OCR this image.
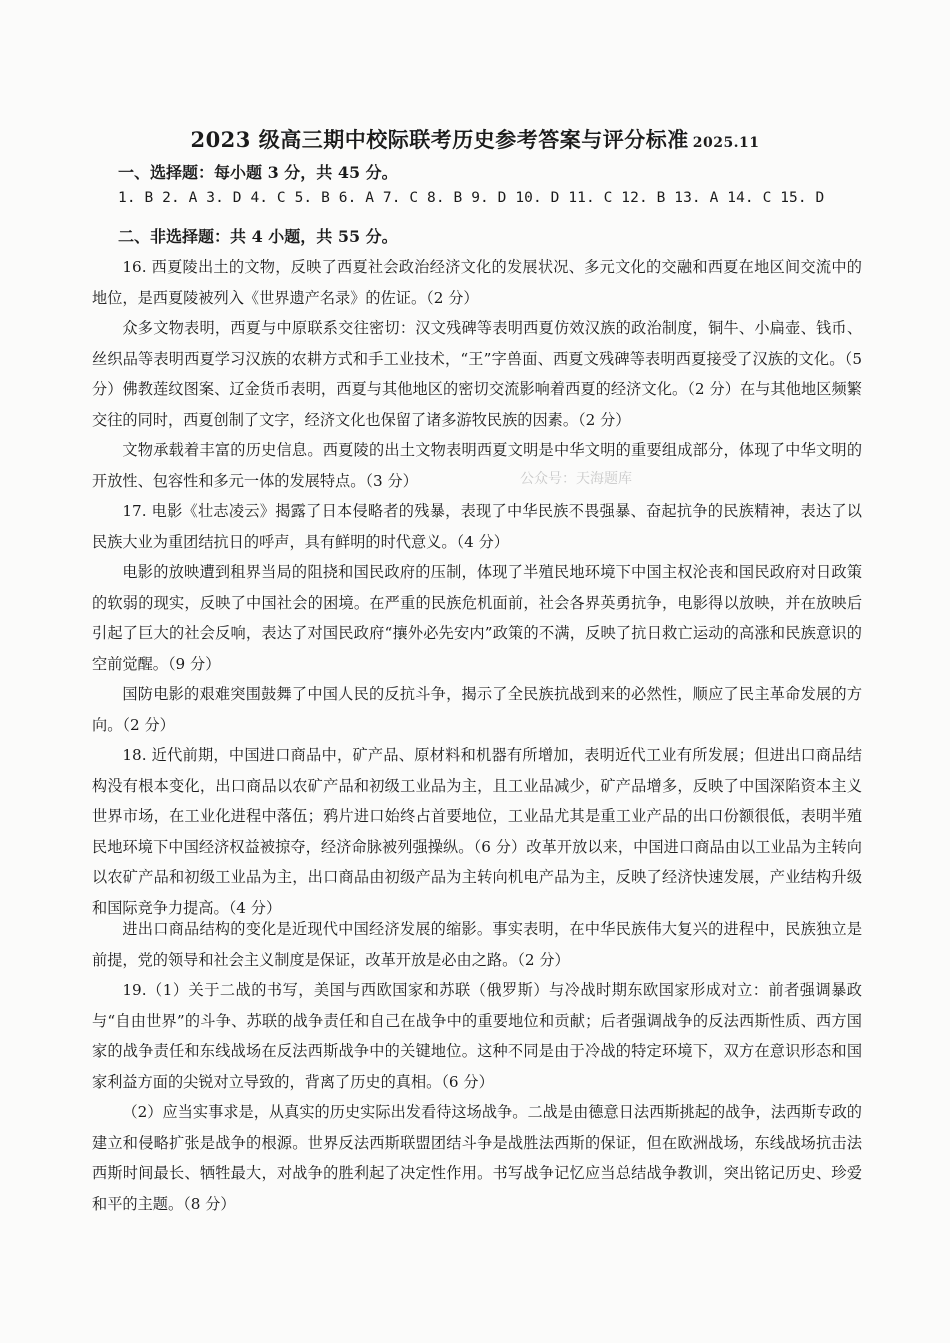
2023 级高三期中校际联考历史参考答案与评分标准 2025.11
一、选择题：每小题 3 分，共 45 分。
1. B 2. A 3. D 4. C 5. B 6. A 7. C 8. B 9. D 10. D 11. C 12. B 13. A 14. C 15. D
二、非选择题：共 4 小题，共 55 分。

16. 西夏陵出土的文物，反映了西夏社会政治经济文化的发展状况、多元文化的交融和西夏在地区间交流中的地位，是西夏陵被列入《世界遗产名录》的佐证。（2 分）

众多文物表明，西夏与中原联系交往密切：汉文残碑等表明西夏仿效汉族的政治制度，铜牛、小扁壶、钱币、丝织品等表明西夏学习汉族的农耕方式和手工业技术，“王”字兽面、西夏文残碑等表明西夏接受了汉族的文化。（5 分）佛教莲纹图案、辽金货币表明，西夏与其他地区的密切交流影响着西夏的经济文化。（2 分）在与其他地区频繁交往的同时，西夏创制了文字，经济文化也保留了诸多游牧民族的因素。（2 分）

文物承载着丰富的历史信息。西夏陵的出土文物表明西夏文明是中华文明的重要组成部分，体现了中华文明的开放性、包容性和多元一体的发展特点。（3 分）	公众号：天海题库

17. 电影《壮志凌云》揭露了日本侵略者的残暴，表现了中华民族不畏强暴、奋起抗争的民族精神，表达了以民族大业为重团结抗日的呼声，具有鲜明的时代意义。（4 分）

电影的放映遭到租界当局的阻挠和国民政府的压制，体现了半殖民地环境下中国主权沦丧和国民政府对日政策的软弱的现实，反映了中国社会的困境。在严重的民族危机面前，社会各界英勇抗争，电影得以放映，并在放映后引起了巨大的社会反响，表达了对国民政府“攘外必先安内”政策的不满，反映了抗日救亡运动的高涨和民族意识的空前觉醒。（9 分）

国防电影的艰难突围鼓舞了中国人民的反抗斗争，揭示了全民族抗战到来的必然性，顺应了民主革命发展的方向。（2 分）

18. 近代前期，中国进口商品中，矿产品、原材料和机器有所增加，表明近代工业有所发展；但进出口商品结构没有根本变化，出口商品以农矿产品和初级工业品为主，且工业品减少，矿产品增多，反映了中国深陷资本主义世界市场，在工业化进程中落伍；鸦片进口始终占首要地位，工业品尤其是重工业产品的出口份额很低，表明半殖民地环境下中国经济权益被掠夺，经济命脉被列强操纵。（6 分）改革开放以来，中国进口商品由以工业品为主转向以农矿产品和初级工业品为主，出口商品由初级产品为主转向机电产品为主，反映了经济快速发展，产业结构升级和国际竞争力提高。（4 分）

进出口商品结构的变化是近现代中国经济发展的缩影。事实表明，在中华民族伟大复兴的进程中，民族独立是前提，党的领导和社会主义制度是保证，改革开放是必由之路。（2 分）

19.（1）关于二战的书写，美国与西欧国家和苏联（俄罗斯）与冷战时期东欧国家形成对立：前者强调暴政与“自由世界”的斗争、苏联的战争责任和自己在战争中的重要地位和贡献；后者强调战争的反法西斯性质、西方国家的战争责任和东线战场在反法西斯战争中的关键地位。这种不同是由于冷战的特定环境下，双方在意识形态和国家利益方面的尖锐对立导致的，背离了历史的真相。（6 分）

（2）应当实事求是，从真实的历史实际出发看待这场战争。二战是由德意日法西斯挑起的战争，法西斯专政的建立和侵略扩张是战争的根源。世界反法西斯联盟团结斗争是战胜法西斯的保证，但在欧洲战场，东线战场抗击法西斯时间最长、牺牲最大，对战争的胜利起了决定性作用。书写战争记忆应当总结战争教训，突出铭记历史、珍爱和平的主题。（8 分）
